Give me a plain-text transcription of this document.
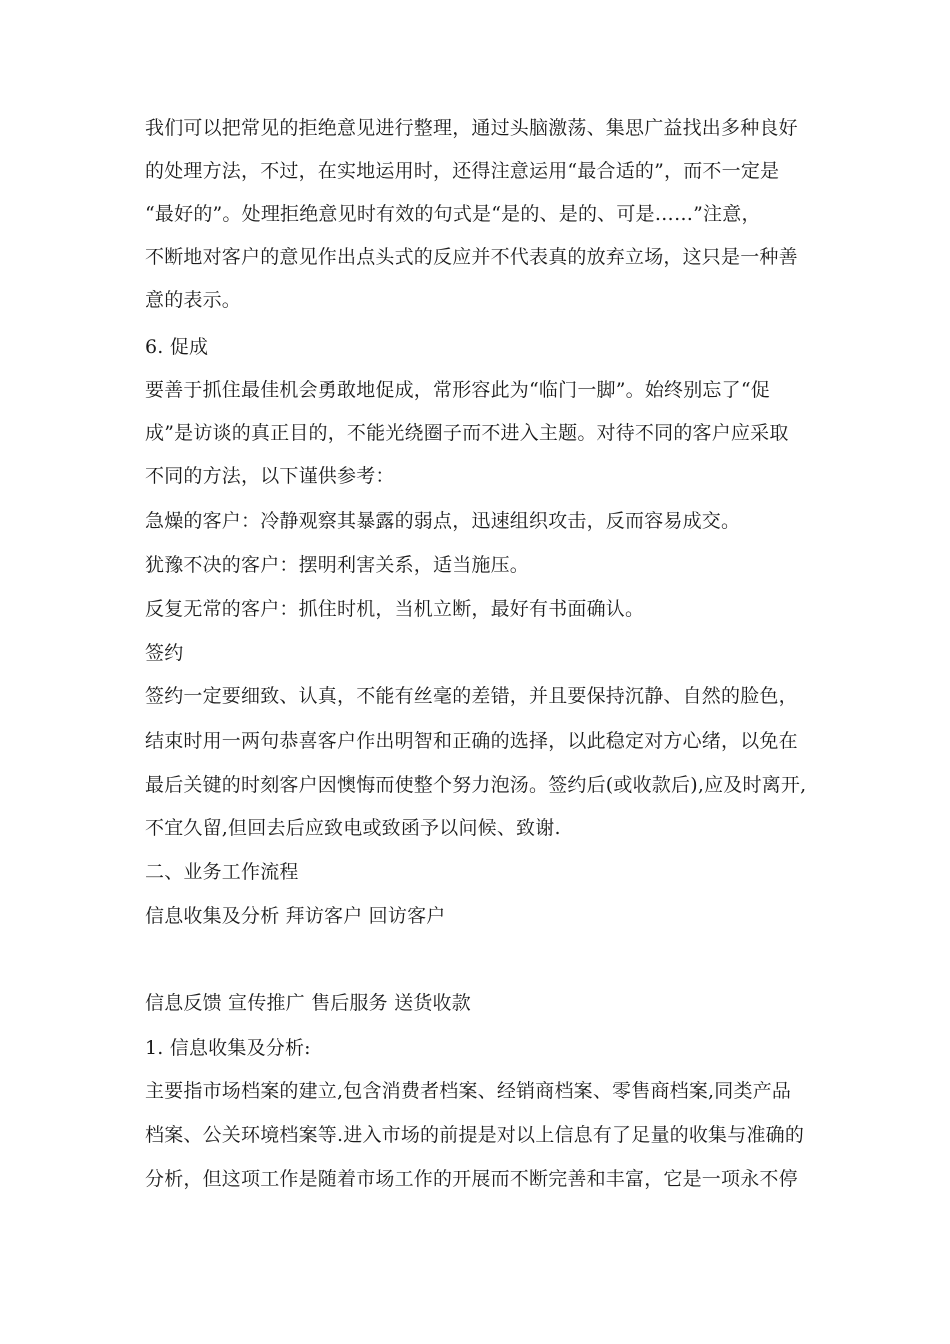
我们可以把常见的拒绝意见进行整理，通过头脑激荡、集思广益找出多种良好
的处理方法，不过，在实地运用时，还得注意运用“最合适的”，而不一定是
“最好的”。处理拒绝意见时有效的句式是“是的、是的、可是……”注意，
不断地对客户的意见作出点头式的反应并不代表真的放弃立场，这只是一种善
意的表示。
6. 促成
要善于抓住最佳机会勇敢地促成，常形容此为“临门一脚”。始终别忘了“促
成”是访谈的真正目的，不能光绕圈子而不进入主题。对待不同的客户应采取
不同的方法，以下谨供参考：
急燥的客户：冷静观察其暴露的弱点，迅速组织攻击，反而容易成交。
犹豫不决的客户：摆明利害关系，适当施压。
反复无常的客户：抓住时机，当机立断，最好有书面确认。
签约
签约一定要细致、认真，不能有丝毫的差错，并且要保持沉静、自然的脸色，
结束时用一两句恭喜客户作出明智和正确的选择，以此稳定对方心绪，以免在
最后关键的时刻客户因懊悔而使整个努力泡汤。签约后(或收款后),应及时离开,
不宜久留,但回去后应致电或致函予以问候、致谢.
二、业务工作流程
信息收集及分析 拜访客户 回访客户
信息反馈 宣传推广 售后服务 送货收款
1. 信息收集及分析:
主要指市场档案的建立,包含消费者档案、经销商档案、零售商档案,同类产品
档案、公关环境档案等.进入市场的前提是对以上信息有了足量的收集与准确的
分析，但这项工作是随着市场工作的开展而不断完善和丰富，它是一项永不停
